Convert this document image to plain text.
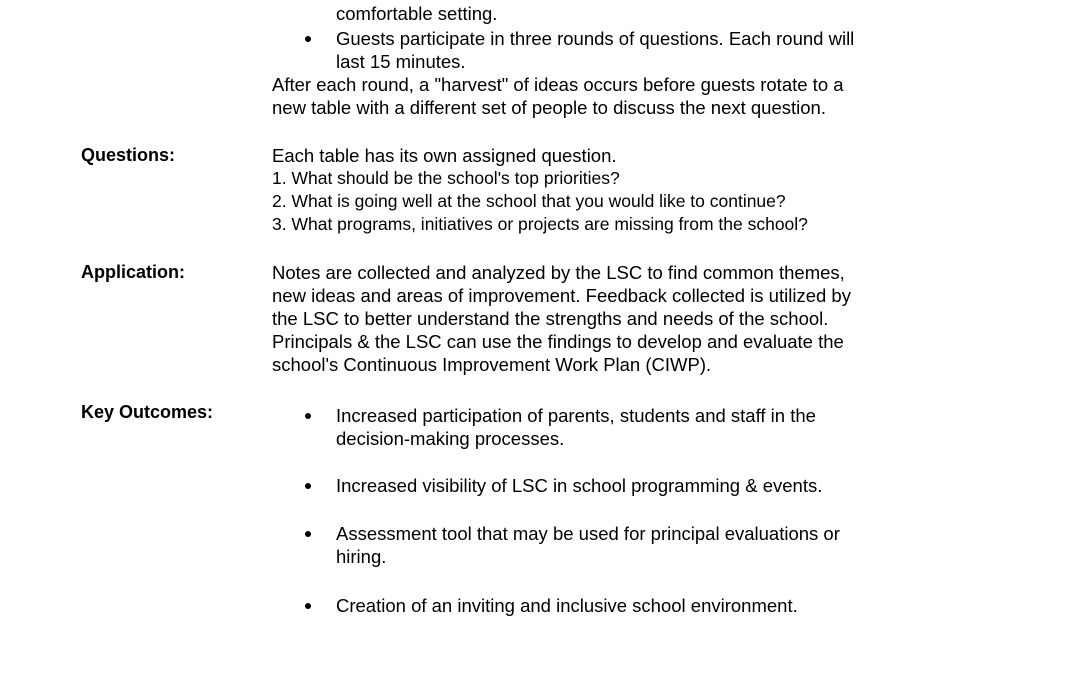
comfortable setting.
Guests participate in three rounds of questions. Each round will
last 15 minutes.
After each round, a "harvest" of ideas occurs before guests rotate to a
new table with a different set of people to discuss the next question.
Questions:	Each table has its own assigned question.
1. What should be the school's top priorities?
2. What is going well at the school that you would like to continue?
3. What programs, initiatives or projects are missing from the school?
Application:	Notes are collected and analyzed by the LSC to find common themes,
new ideas and areas of improvement. Feedback collected is utilized by
the LSC to better understand the strengths and needs of the school.
Principals & the LSC can use the findings to develop and evaluate the
school's Continuous Improvement Work Plan (CIWP).
Key Outcomes:	Increased participation of parents, students and staff in the
decision-making processes.
Increased visibility of LSC in school programming & events.
Assessment tool that may be used for principal evaluations or
hiring.
Creation of an inviting and inclusive school environment.
